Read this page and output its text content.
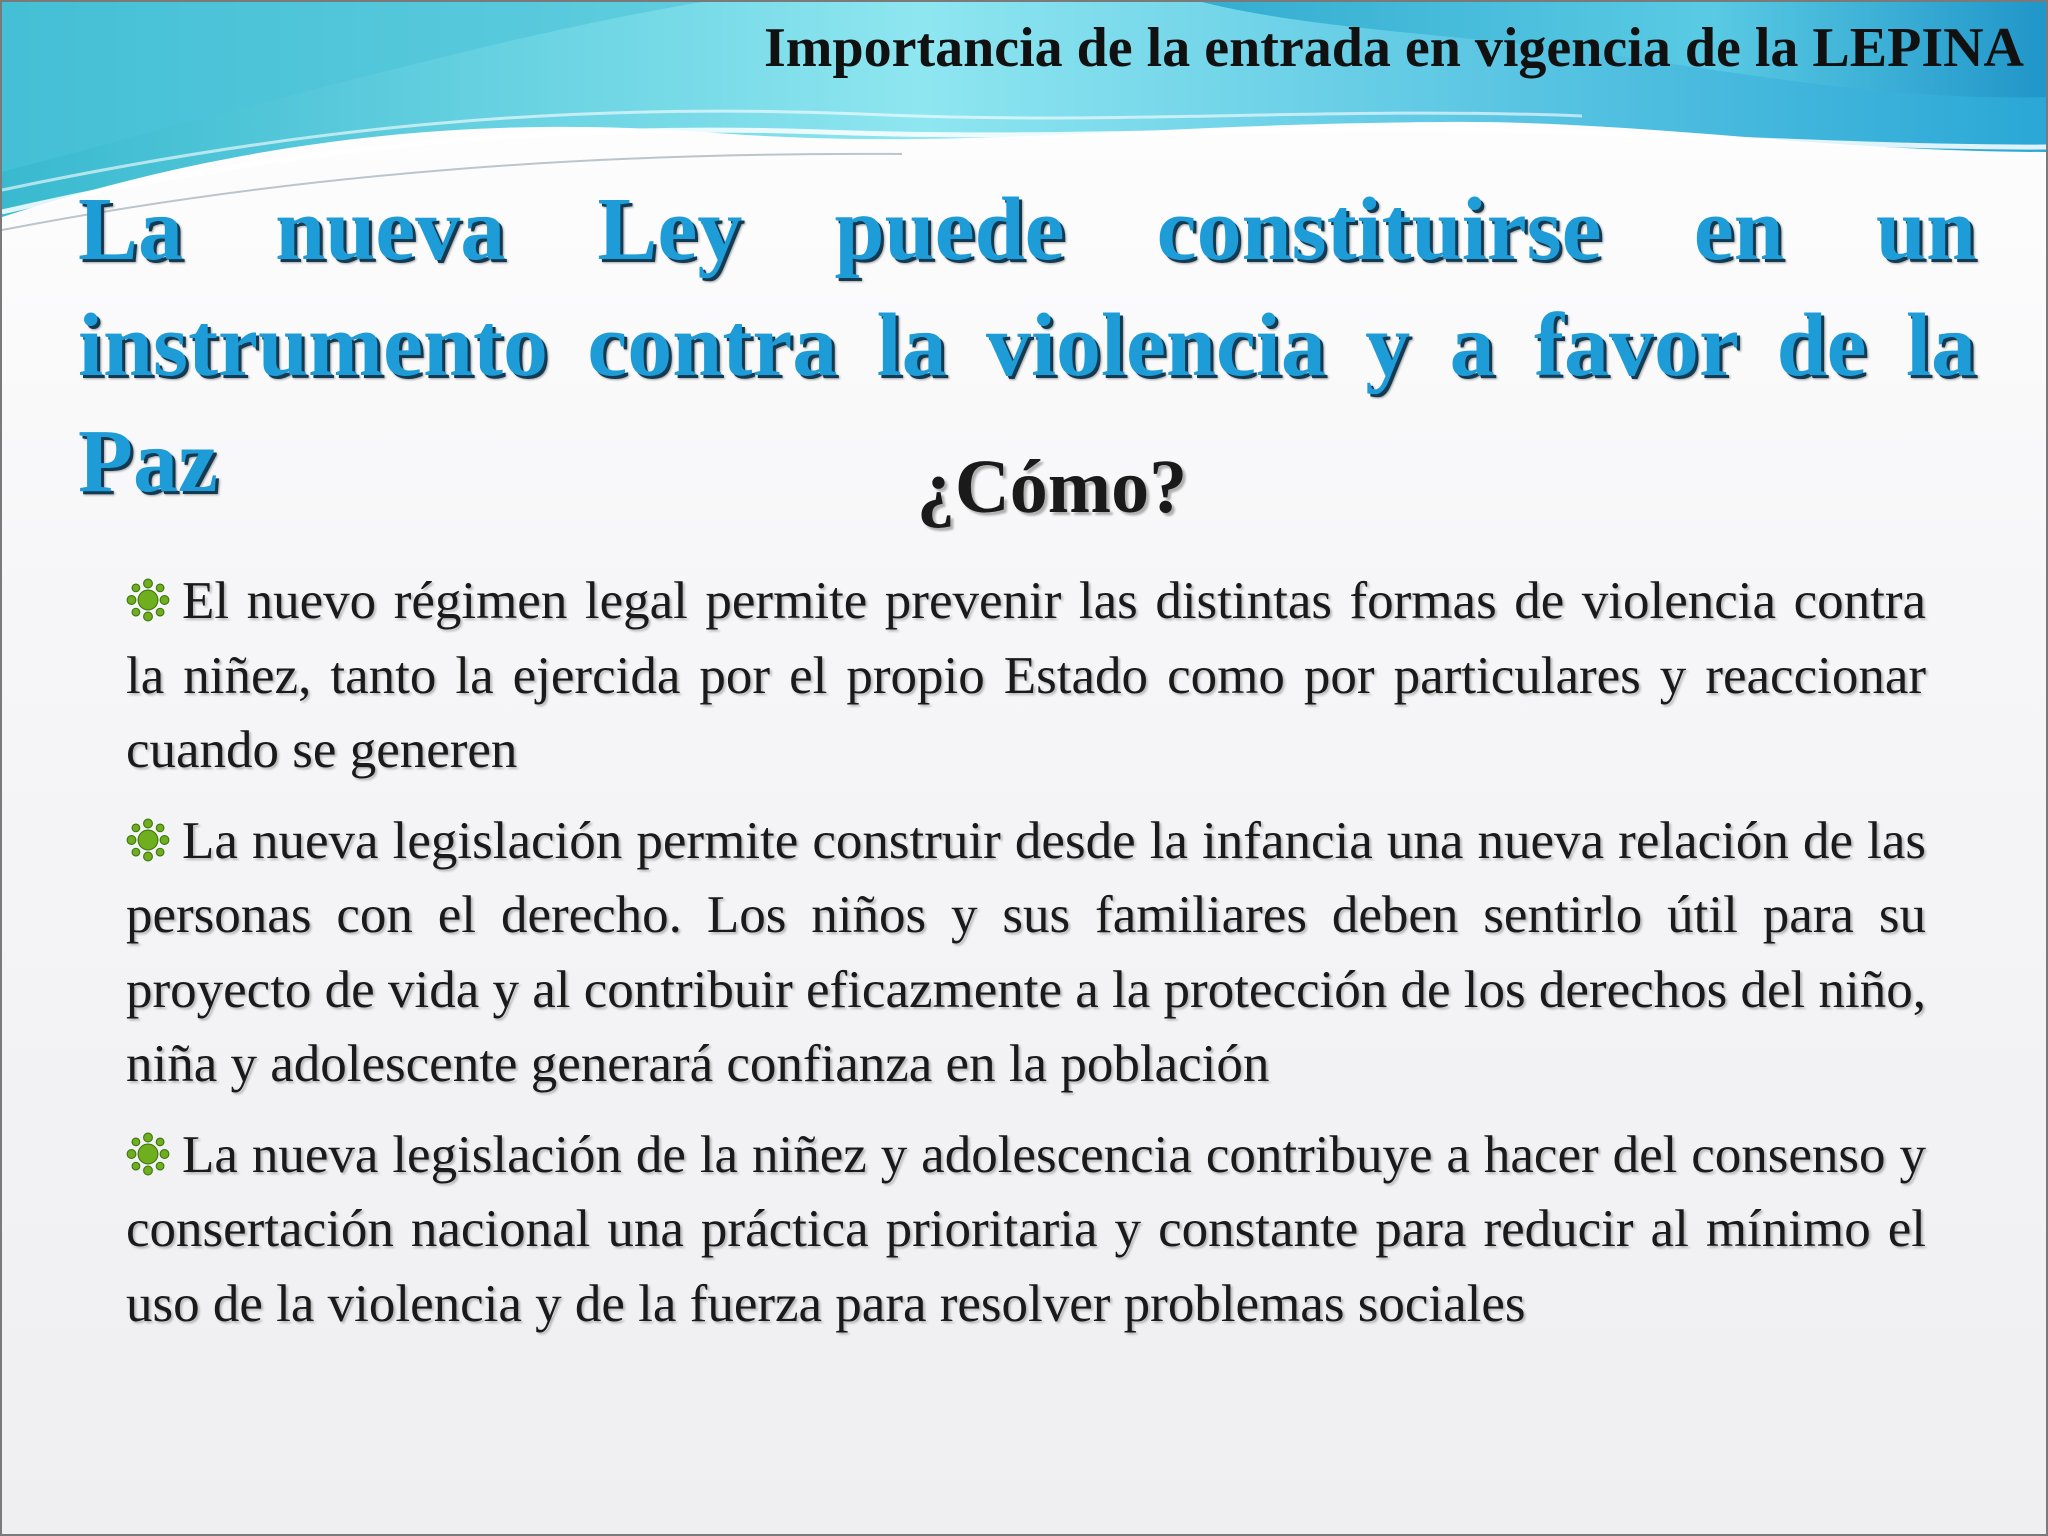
Importancia de la entrada en vigencia de la LEPINA
La nueva Ley puede constituirse en un instrumento contra la violencia y a favor de la Paz	¿Cómo?
El nuevo régimen legal permite prevenir las distintas formas de violencia contra la niñez, tanto la ejercida por el propio Estado como por particulares y reaccionar cuando se generen
La nueva legislación permite construir desde la infancia una nueva relación de las personas con el derecho. Los niños y sus familiares deben sentirlo útil para su proyecto de vida y al contribuir eficazmente a la protección de los derechos del niño, niña y adolescente generará confianza en la población
La nueva legislación de la niñez y adolescencia contribuye a hacer del consenso y consertación nacional una práctica prioritaria y constante para reducir al mínimo el uso de la violencia y de la fuerza para resolver problemas sociales
